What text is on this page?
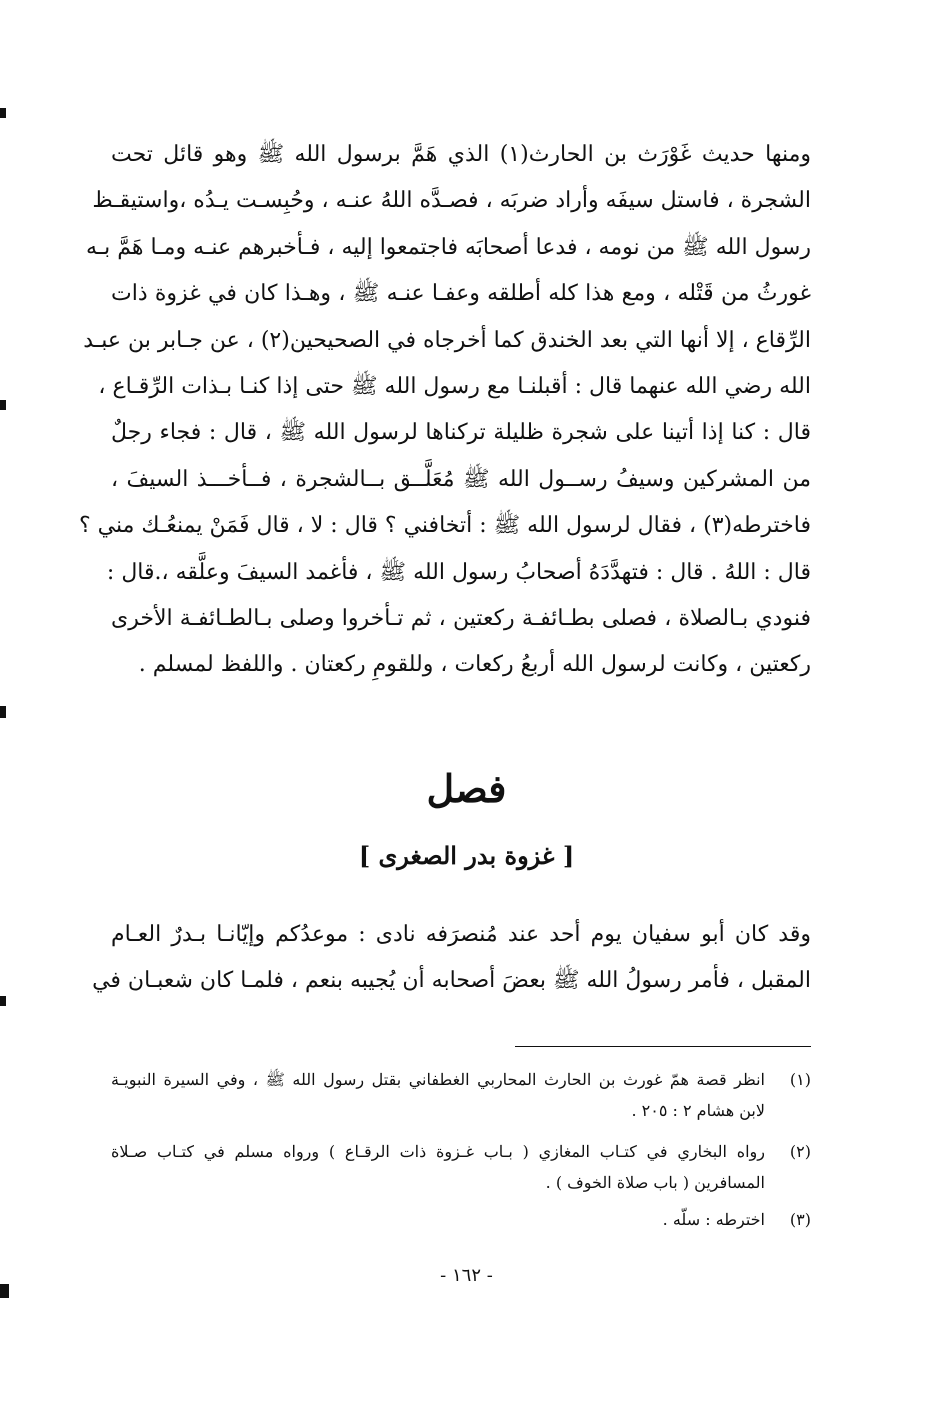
ومنها حديث غَوْرَث بن الحارث(١) الذي هَمَّ برسول الله ﷺ وهو قائل تحت
الشجرة ، فاستل سيفَه وأراد ضربَه ، فصـدَّه اللهُ عنـه ، وحُبِسـت يـدُه ،واستيقـظ
رسول الله ﷺ من نومه ، فدعا أصحابَه فاجتمعوا إليه ، فـأخبرهم عنـه ومـا هَمَّ بـه
غورثُ من قَتْله ، ومع هذا كله أطلقه وعفـا عنـه ﷺ ، وهـذا كان في غزوة ذات
الرِّقاع ، إلا أنها التي بعد الخندق كما أخرجاه في الصحيحين(٢) ، عن جـابر بن عبـد
الله رضي الله عنهما قال : أقبلنـا مع رسول الله ﷺ حتى إذا كنـا بـذات الرِّقـاع ،
قال : كنا إذا أتينا على شجرة ظليلة تركناها لرسول الله ﷺ ، قال : فجاء رجلٌ
من المشركين وسيفُ رســول الله ﷺ مُعَلَّــق بــالشجرة ، فــأخـــذ السيفَ ،
فاخترطه(٣) ، فقال لرسول الله ﷺ : أتخافني ؟ قال : لا ، قال فَمَنْ يمنعُـك مني ؟
قال : اللهُ . قال : فتهدَّدَهُ أصحابُ رسول الله ﷺ ، فأغمد السيفَ وعلَّقه ،.قال :
فنودي بـالصلاة ، فصلى بطـائفـة ركعتين ، ثم تـأخروا وصلى بـالطـائفـة الأخرى
ركعتين ، وكانت لرسول الله أربعُ ركعات ، وللقومِ ركعتان . واللفظ لمسلم .
فصل
[ غزوة بدر الصغرى ]
وقد كان أبو سفيان يوم أحد عند مُنصرَفه نادى : موعدُكم وإيّانـا بـدرٌ العـام
المقبل ، فأمر رسولُ الله ﷺ بعضَ أصحابه أن يُجيبه بنعم ، فلمـا كان شعبـان في
(١)
انظر قصة همّ غورث بن الحارث المحاربي الغطفاني بقتل رسول الله ﷺ ، وفي السيرة النبويـة
لابن هشام ٢ : ٢٠٥ .
(٢)
رواه البخاري في كتـاب المغازي ( بـاب غـزوة ذات الرقـاع ) ورواه مسلم في كتـاب صـلاة
المسافرين ( باب صلاة الخوف ) .
(٣)
اخترطه : سلّه .
- ١٦٢ -
